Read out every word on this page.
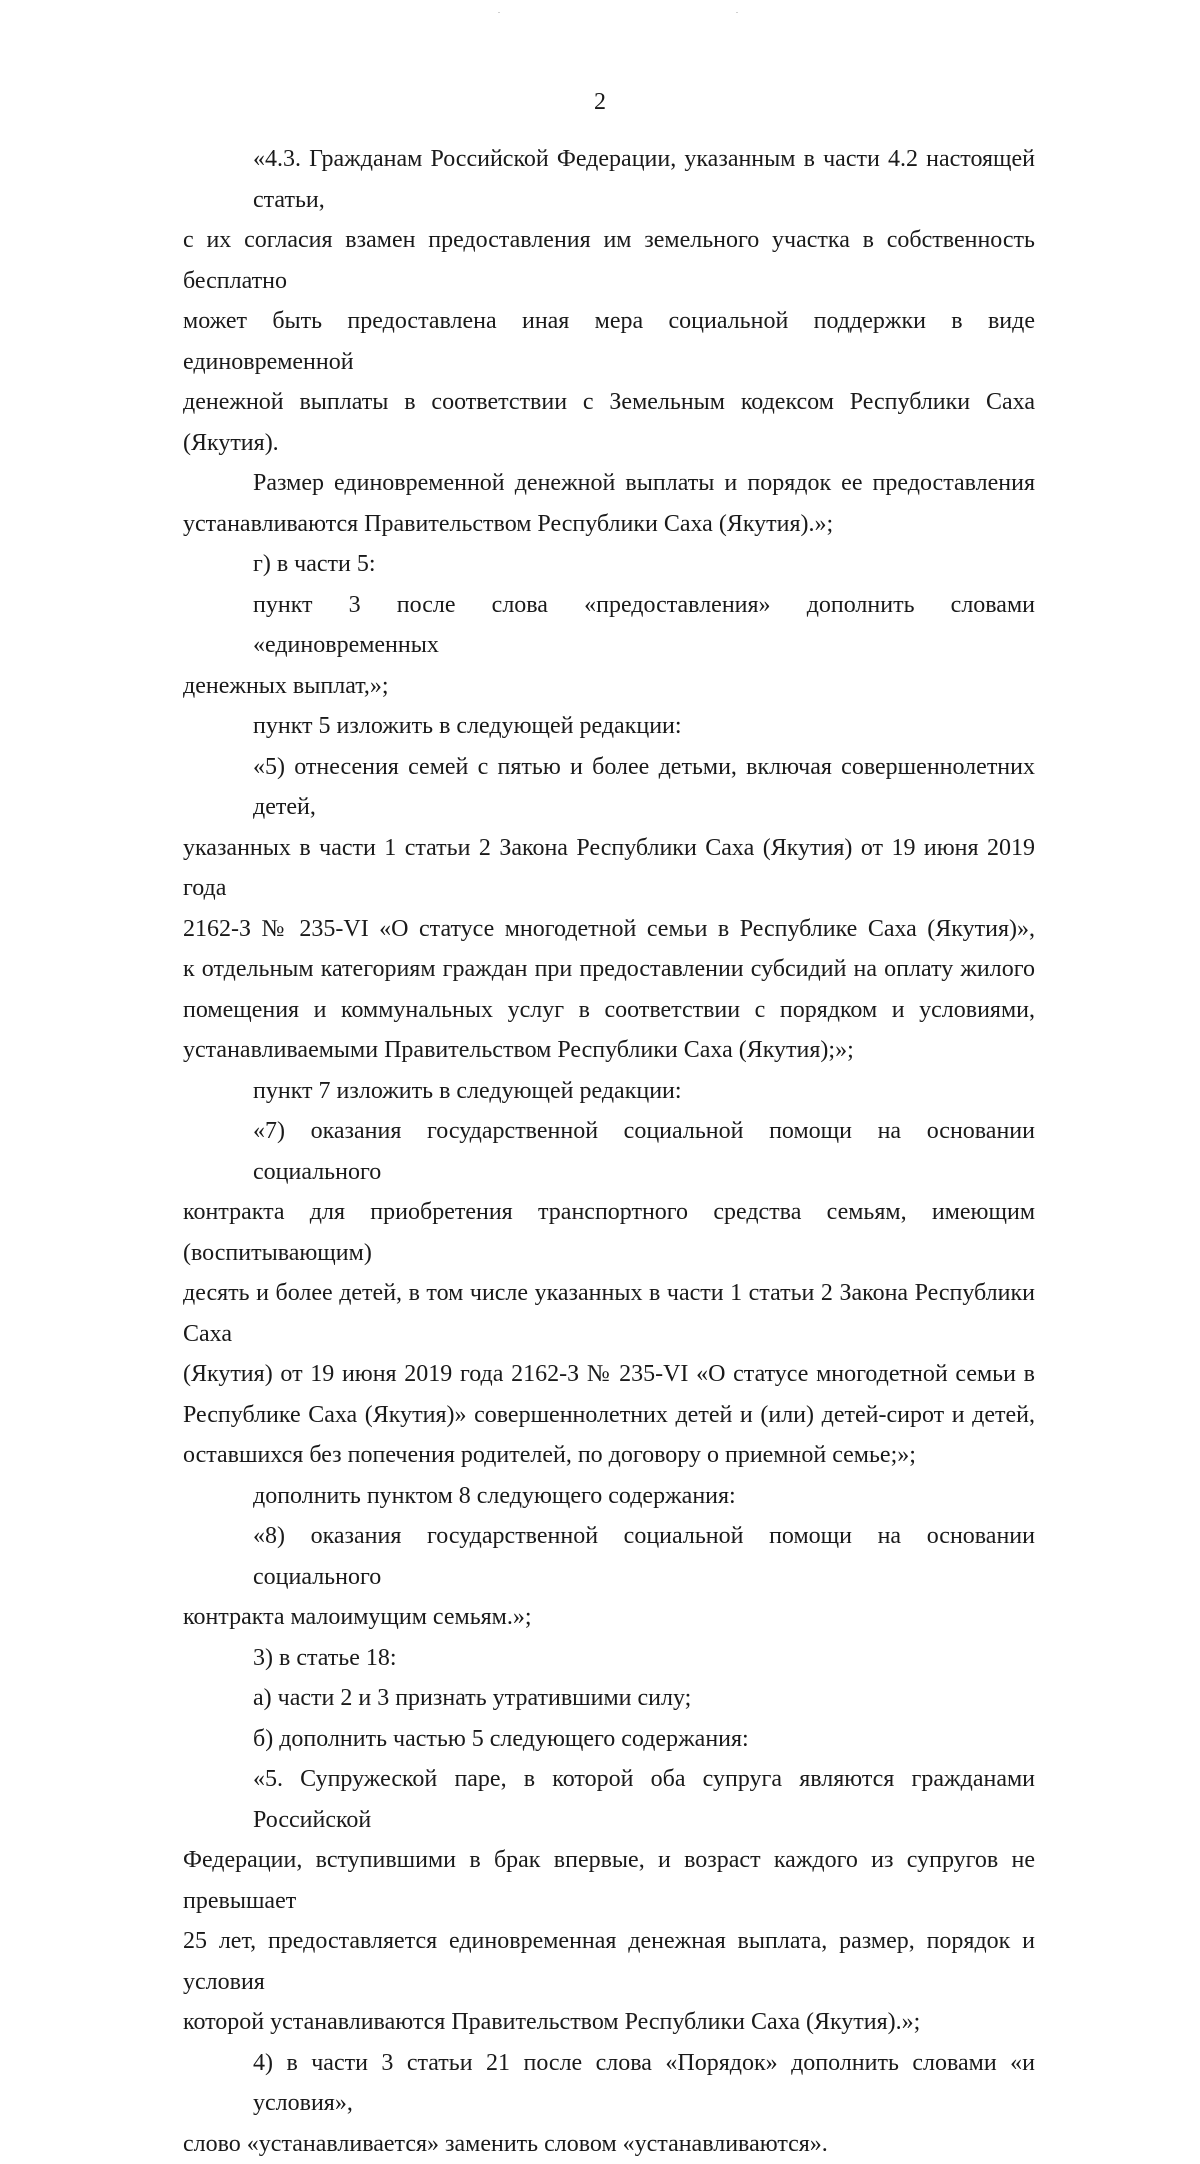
2
«4.3. Гражданам Российской Федерации, указанным в части 4.2 настоящей статьи,
с их согласия взамен предоставления им земельного участка в собственность бесплатно
может быть предоставлена иная мера социальной поддержки в виде единовременной
денежной выплаты в соответствии с Земельным кодексом Республики Саха (Якутия).
Размер единовременной денежной выплаты и порядок ее предоставления
устанавливаются Правительством Республики Саха (Якутия).»;
г) в части 5:
пункт 3 после слова «предоставления» дополнить словами «единовременных
денежных выплат,»;
пункт 5 изложить в следующей редакции:
«5) отнесения семей с пятью и более детьми, включая совершеннолетних детей,
указанных в части 1 статьи 2 Закона Республики Саха (Якутия) от 19 июня 2019 года
2162-З № 235-VI «О статусе многодетной семьи в Республике Саха (Якутия)»,
к отдельным категориям граждан при предоставлении субсидий на оплату жилого
помещения и коммунальных услуг в соответствии с порядком и условиями,
устанавливаемыми Правительством Республики Саха (Якутия);»;
пункт 7 изложить в следующей редакции:
«7) оказания государственной социальной помощи на основании социального
контракта для приобретения транспортного средства семьям, имеющим (воспитывающим)
десять и более детей, в том числе указанных в части 1 статьи 2 Закона Республики Саха
(Якутия) от 19 июня 2019 года 2162-З № 235-VI «О статусе многодетной семьи в
Республике Саха (Якутия)» совершеннолетних детей и (или) детей-сирот и детей,
оставшихся без попечения родителей, по договору о приемной семье;»;
дополнить пунктом 8 следующего содержания:
«8) оказания государственной социальной помощи на основании социального
контракта малоимущим семьям.»;
3) в статье 18:
а) части 2 и 3 признать утратившими силу;
б) дополнить частью 5 следующего содержания:
«5. Супружеской паре, в которой оба супруга являются гражданами Российской
Федерации, вступившими в брак впервые, и возраст каждого из супругов не превышает
25 лет, предоставляется единовременная денежная выплата, размер, порядок и условия
которой устанавливаются Правительством Республики Саха (Якутия).»;
4) в части 3 статьи 21 после слова «Порядок» дополнить словами «и условия»,
слово «устанавливается» заменить словом «устанавливаются».
